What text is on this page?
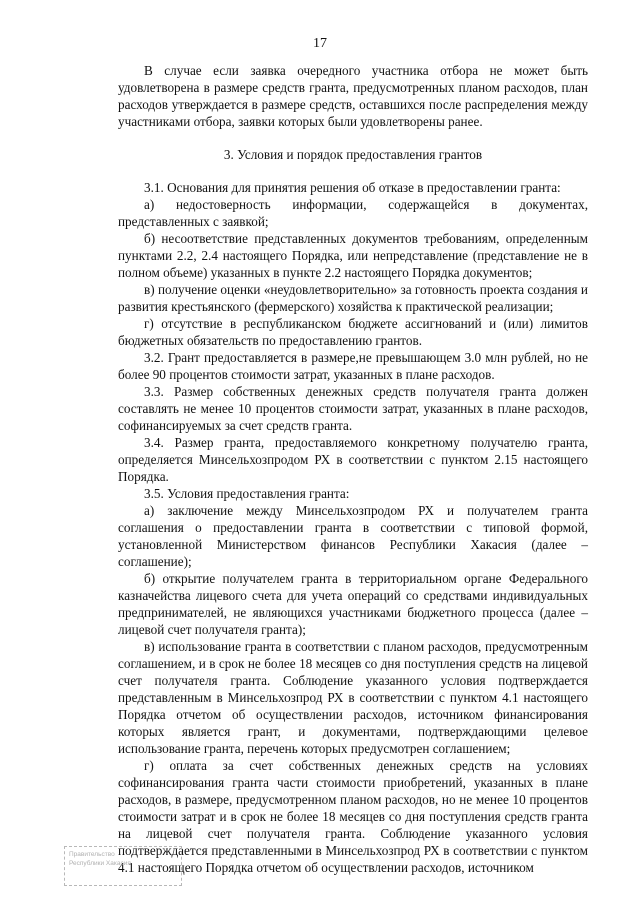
17

В случае если заявка очередного участника отбора не может быть удовлетворена в размере средств гранта, предусмотренных планом расходов, план расходов утверждается в размере средств, оставшихся после распределения между участниками отбора, заявки которых были удовлетворены ранее.

3. Условия и порядок предоставления грантов

3.1. Основания для принятия решения об отказе в предоставлении гранта:

а) недостоверность информации, содержащейся в документах, представленных с заявкой;

б) несоответствие представленных документов требованиям, определенным пунктами 2.2, 2.4 настоящего Порядка, или непредставление (представление не в полном объеме) указанных в пункте 2.2 настоящего Порядка документов;

в) получение оценки «неудовлетворительно» за готовность проекта создания и развития крестьянского (фермерского) хозяйства к практической реализации;

г) отсутствие в республиканском бюджете ассигнований и (или) лимитов бюджетных обязательств по предоставлению грантов.

3.2. Грант предоставляется в размере,не превышающем 3.0 млн рублей, но не более 90 процентов стоимости затрат, указанных в плане расходов.

3.3. Размер собственных денежных средств получателя гранта должен составлять не менее 10 процентов стоимости затрат, указанных в плане расходов, софинансируемых за счет средств гранта.

3.4. Размер гранта, предоставляемого конкретному получателю гранта, определяется Минсельхозпродом РХ в соответствии с пунктом 2.15 настоящего Порядка.

3.5. Условия предоставления гранта:

а) заключение между Минсельхозпродом РХ и получателем гранта соглашения о предоставлении гранта в соответствии с типовой формой, установленной Министерством финансов Республики Хакасия (далее – соглашение);

б) открытие получателем гранта в территориальном органе Федерального казначейства лицевого счета для учета операций со средствами индивидуальных предпринимателей, не являющихся участниками бюджетного процесса (далее – лицевой счет получателя гранта);

в) использование гранта в соответствии с планом расходов, предусмотренным соглашением, и в срок не более 18 месяцев со дня поступления средств на лицевой счет получателя гранта. Соблюдение указанного условия подтверждается представленным в Минсельхозпрод РХ в соответствии с пунктом 4.1 настоящего Порядка отчетом об осуществлении расходов, источником финансирования которых является грант, и документами, подтверждающими целевое использование гранта, перечень которых предусмотрен соглашением;

г) оплата за счет собственных денежных средств на условиях софинансирования гранта части стоимости приобретений, указанных в плане расходов, в размере, предусмотренном планом расходов, но не менее 10 процентов стоимости затрат и в срок не более 18 месяцев со дня поступления средств гранта на лицевой счет получателя гранта. Соблюдение указанного условия подтверждается представленными в Минсельхозпрод РХ в соответствии с пунктом 4.1 настоящего Порядка отчетом об осуществлении расходов, источником

Правительство
Республики Хакасия
